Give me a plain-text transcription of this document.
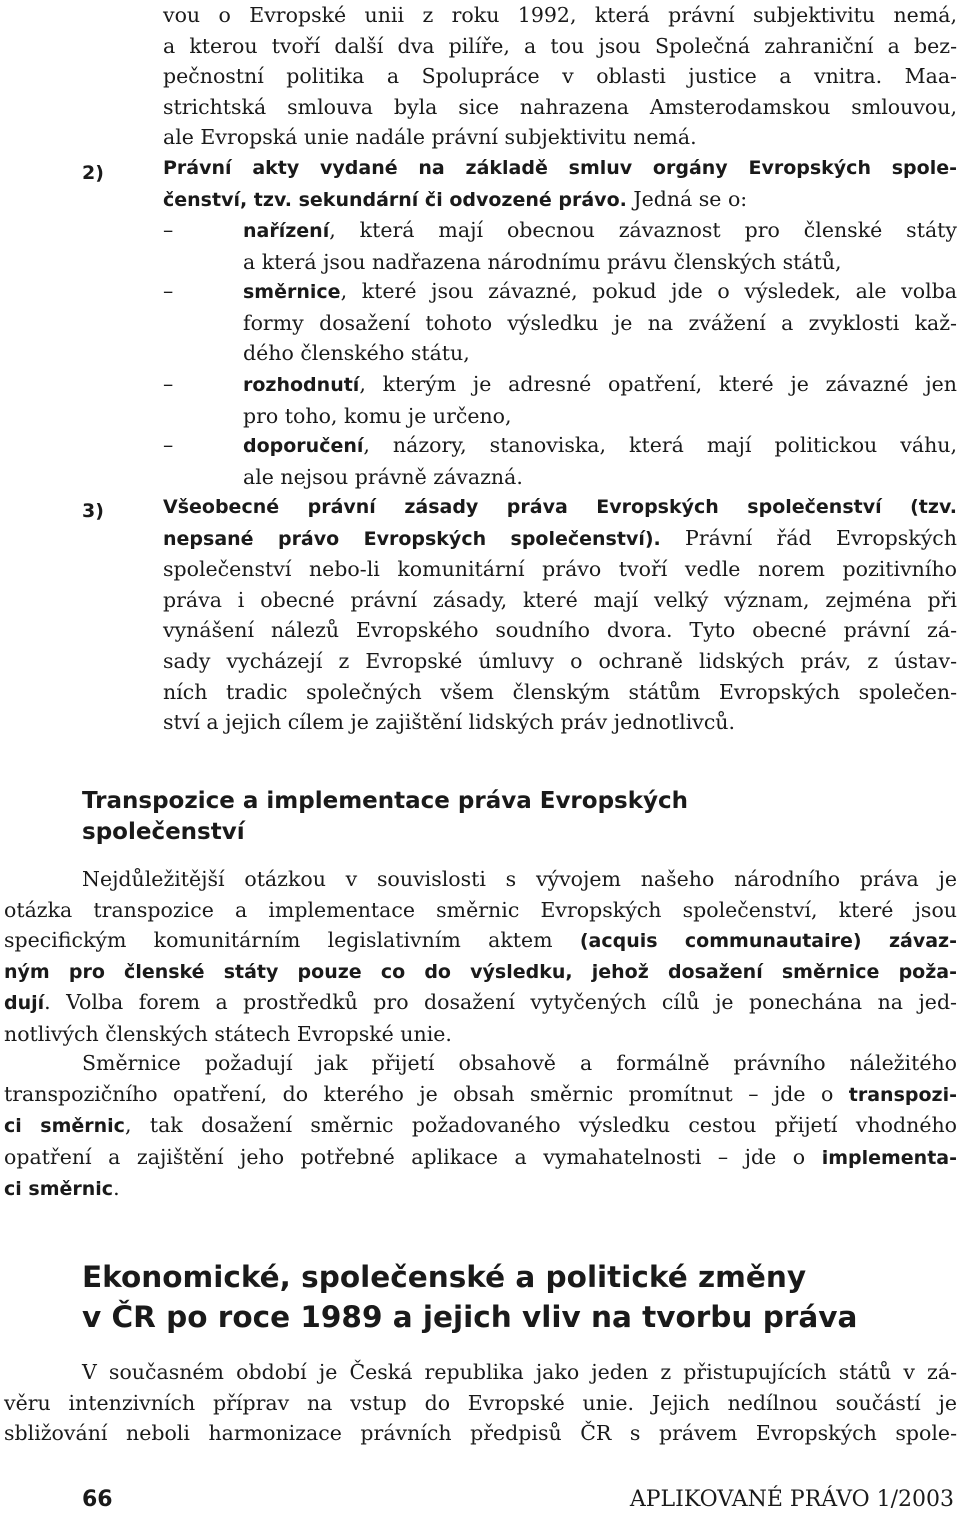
vou o Evropské unii z roku 1992, která právní subjektivitu nemá,
a kterou tvoří další dva pilíře, a tou jsou Společná zahraniční a bez-
pečnostní politika a Spolupráce v oblasti justice a vnitra. Maa-
strichtská smlouva byla sice nahrazena Amsterodamskou smlouvou,
ale Evropská unie nadále právní subjektivitu nemá.
2)	Právní akty vydané na základě smluv orgány Evropských spole-
čenství, tzv. sekundární či odvozené právo. Jedná se o:
–	nařízení, která mají obecnou závaznost pro členské státy
a která jsou nadřazena národnímu právu členských států,
–	směrnice, které jsou závazné, pokud jde o výsledek, ale volba
formy dosažení tohoto výsledku je na zvážení a zvyklosti kaž-
dého členského státu,
–	rozhodnutí, kterým je adresné opatření, které je závazné jen
pro toho, komu je určeno,
–	doporučení, názory, stanoviska, která mají politickou váhu,
ale nejsou právně závazná.
3)	Všeobecné právní zásady práva Evropských společenství (tzv.
nepsané právo Evropských společenství). Právní řád Evropských
společenství nebo-li komunitární právo tvoří vedle norem pozitivního
práva i obecné právní zásady, které mají velký význam, zejména při
vynášení nálezů Evropského soudního dvora. Tyto obecné právní zá-
sady vycházejí z Evropské úmluvy o ochraně lidských práv, z ústav-
ních tradic společných všem členským státům Evropských společen-
ství a jejich cílem je zajištění lidských práv jednotlivců.
Transpozice a implementace práva Evropských
společenství
Nejdůležitější otázkou v souvislosti s vývojem našeho národního práva je
otázka transpozice a implementace směrnic Evropských společenství, které jsou
specifickým komunitárním legislativním aktem (acquis communautaire) závaz-
ným pro členské státy pouze co do výsledku, jehož dosažení směrnice poža-
dují. Volba forem a prostředků pro dosažení vytyčených cílů je ponechána na jed-
notlivých členských státech Evropské unie.
Směrnice požadují jak přijetí obsahově a formálně právního náležitého
transpozičního opatření, do kterého je obsah směrnic promítnut – jde o transpozi-
ci směrnic, tak dosažení směrnic požadovaného výsledku cestou přijetí vhodného
opatření a zajištění jeho potřebné aplikace a vymahatelnosti – jde o implementa-
ci směrnic.
Ekonomické, společenské a politické změny
v ČR po roce 1989 a jejich vliv na tvorbu práva
V současném období je Česká republika jako jeden z přistupujících států v zá-
věru intenzivních příprav na vstup do Evropské unie. Jejich nedílnou součástí je
sbližování neboli harmonizace právních předpisů ČR s právem Evropských spole-
66	APLIKOVANÉ PRÁVO 1/2003
